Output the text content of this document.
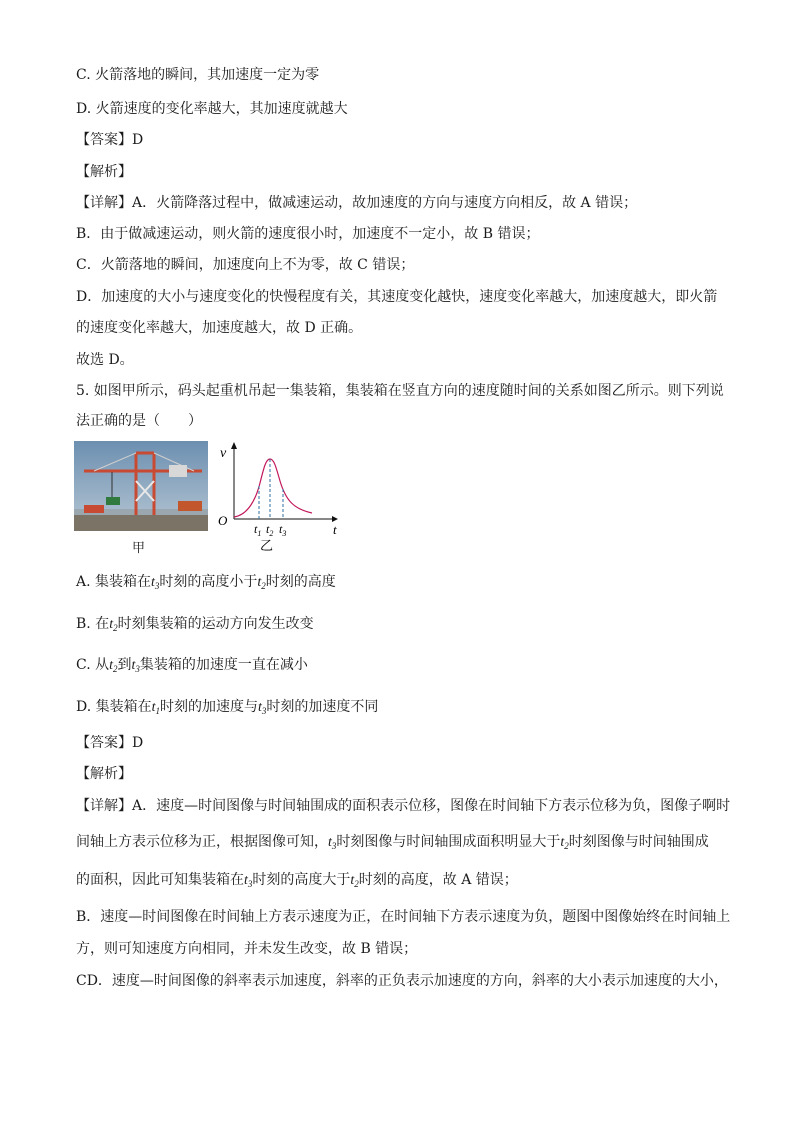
C. 火箭落地的瞬间，其加速度一定为零
D. 火箭速度的变化率越大，其加速度就越大
【答案】D
【解析】
【详解】A．火箭降落过程中，做减速运动，故加速度的方向与速度方向相反，故 A 错误；
B．由于做减速运动，则火箭的速度很小时，加速度不一定小，故 B 错误；
C．火箭落地的瞬间，加速度向上不为零，故 C 错误；
D．加速度的大小与速度变化的快慢程度有关，其速度变化越快，速度变化率越大，加速度越大，即火箭
的速度变化率越大，加速度越大，故 D 正确。
故选 D。
5. 如图甲所示，码头起重机吊起一集装箱，集装箱在竖直方向的速度随时间的关系如图乙所示。则下列说
法正确的是（　　）
甲
v
O
t
$t_1$ $t_2$ $t_3$
乙
A. 集装箱在$t_3$时刻的高度小于$t_2$时刻的高度
B. 在$t_2$时刻集装箱的运动方向发生改变
C. 从$t_2$到$t_3$集装箱的加速度一直在减小
D. 集装箱在$t_1$时刻的加速度与$t_3$时刻的加速度不同
【答案】D
【解析】
【详解】A．速度—时间图像与时间轴围成的面积表示位移，图像在时间轴下方表示位移为负，图像子啊时
间轴上方表示位移为正，根据图像可知，$t_3$时刻图像与时间轴围成面积明显大于$t_2$时刻图像与时间轴围成
的面积，因此可知集装箱在$t_3$时刻的高度大于$t_2$时刻的高度，故 A 错误；
B．速度—时间图像在时间轴上方表示速度为正，在时间轴下方表示速度为负，题图中图像始终在时间轴上
方，则可知速度方向相同，并未发生改变，故 B 错误；
CD．速度—时间图像的斜率表示加速度，斜率的正负表示加速度的方向，斜率的大小表示加速度的大小，
